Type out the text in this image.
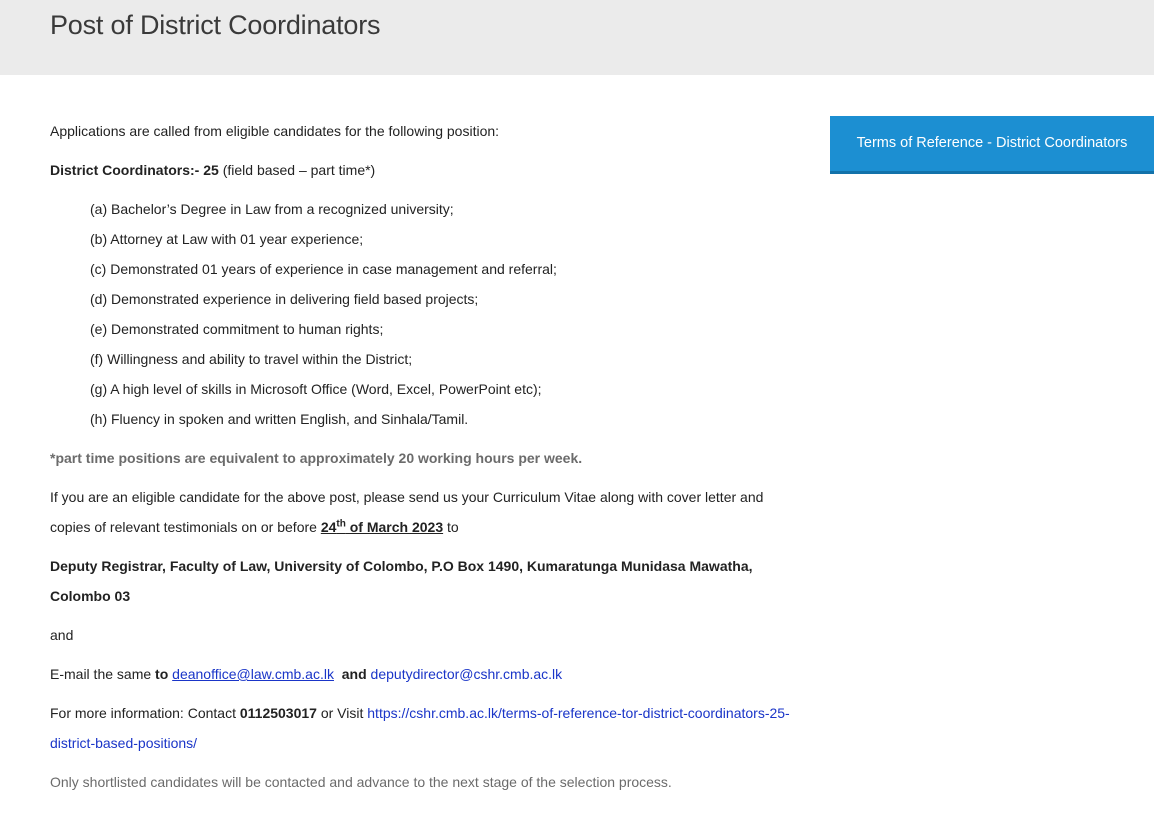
Post of District Coordinators
Terms of Reference - District Coordinators

Applications are called from eligible candidates for the following position:

District Coordinators:- 25 (field based – part time*)

(a) Bachelor’s Degree in Law from a recognized university;
(b) Attorney at Law with 01 year experience;
(c) Demonstrated 01 years of experience in case management and referral;
(d) Demonstrated experience in delivering field based projects;
(e) Demonstrated commitment to human rights;
(f) Willingness and ability to travel within the District;
(g) A high level of skills in Microsoft Office (Word, Excel, PowerPoint etc);
(h) Fluency in spoken and written English, and Sinhala/Tamil.

*part time positions are equivalent to approximately 20 working hours per week.

If you are an eligible candidate for the above post, please send us your Curriculum Vitae along with cover letter and copies of relevant testimonials on or before 24th of March 2023 to

Deputy Registrar, Faculty of Law, University of Colombo, P.O Box 1490, Kumaratunga Munidasa Mawatha, Colombo 03

and

E-mail the same to deanoffice@law.cmb.ac.lk  and deputydirector@cshr.cmb.ac.lk

For more information: Contact 0112503017 or Visit https://cshr.cmb.ac.lk/terms-of-reference-tor-district-coordinators-25-district-based-positions/

Only shortlisted candidates will be contacted and advance to the next stage of the selection process.
